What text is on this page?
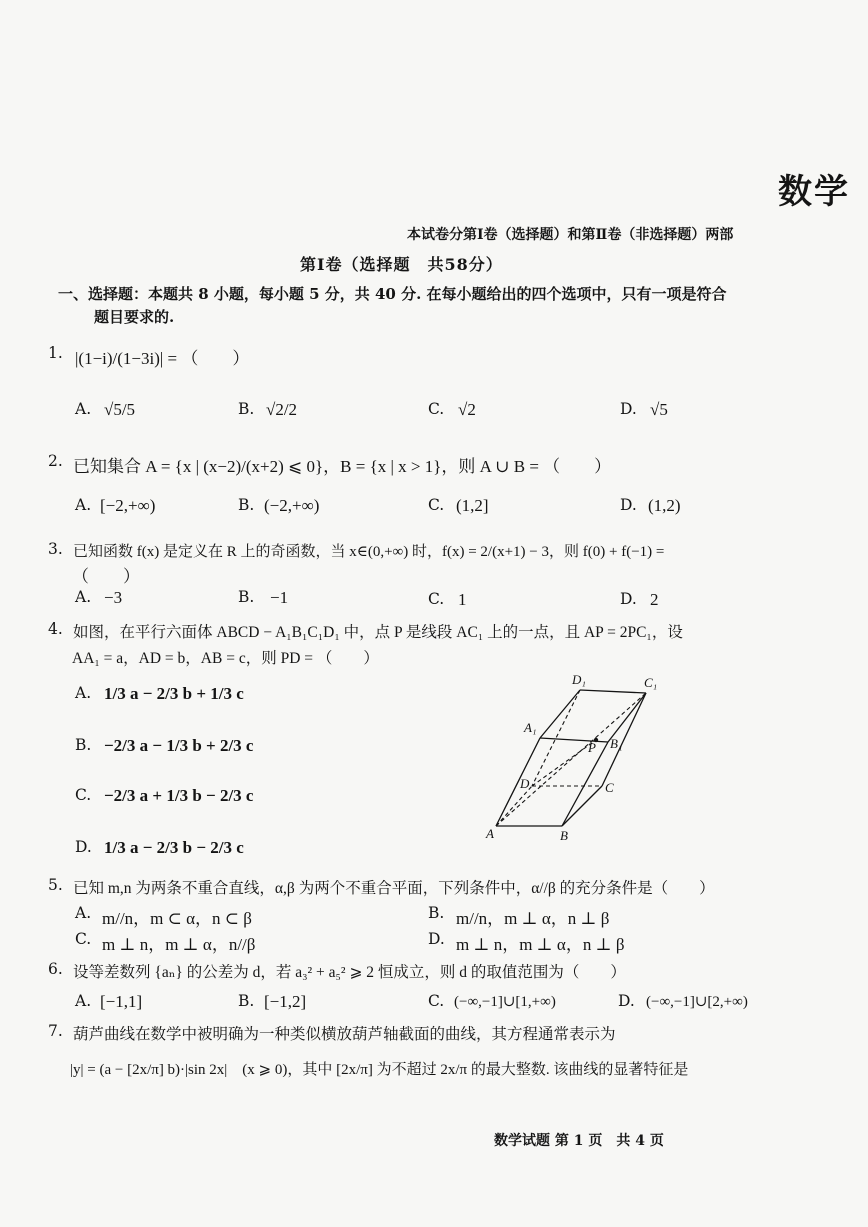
数学
本试卷分第Ⅰ卷（选择题）和第Ⅱ卷（非选择题）两部
第Ⅰ卷（选择题　共58分）
一、选择题：本题共 8 小题，每小题 5 分，共 40 分. 在每小题给出的四个选项中，只有一项是符合
题目要求的.
1. |(1−i)/(1−3i)| = （　　）
A. √5/5	B. √2/2	C. √2	D. √5
2. 已知集合 A = {x | (x−2)/(x+2) ⩽ 0}，B = {x | x > 1}，则 A ∪ B = （　　）
A. [−2,+∞)	B. (−2,+∞)	C. (1,2]	D. (1,2)
3. 已知函数 f(x) 是定义在 R 上的奇函数，当 x∈(0,+∞) 时，f(x) = 2/(x+1) − 3，则 f(0) + f(−1) =
（　　）
A. −3	B. −1	C. 1	D. 2
4. 如图，在平行六面体 ABCD − A₁B₁C₁D₁ 中，点 P 是线段 AC₁ 上的一点，且 AP = 2PC₁，设
AA₁ = a，AD = b，AB = c，则 PD = （　　）
A. 1/3 a − 2/3 b + 1/3 c
B. −2/3 a − 1/3 b + 2/3 c
C. −2/3 a + 1/3 b − 2/3 c
D. 1/3 a − 2/3 b − 2/3 c
D₁	C₁
A₁
B₁
P
D	C
A	B
5. 已知 m,n 为两条不重合直线，α,β 为两个不重合平面，下列条件中，α//β 的充分条件是（　　）
A. m//n，m ⊂ α，n ⊂ β	B. m//n，m ⊥ α，n ⊥ β
C. m ⊥ n，m ⊥ α，n//β	D. m ⊥ n，m ⊥ α，n ⊥ β
6. 设等差数列 {aₙ} 的公差为 d，若 a₃² + a₅² ⩾ 2 恒成立，则 d 的取值范围为（　　）
A. [−1,1]	B. [−1,2]	C. (−∞,−1]∪[1,+∞)	D. (−∞,−1]∪[2,+∞)
7. 葫芦曲线在数学中被明确为一种类似横放葫芦轴截面的曲线，其方程通常表示为
|y| = (a − [2x/π] b)·|sin 2x|　(x ⩾ 0)，其中 [2x/π] 为不超过 2x/π 的最大整数. 该曲线的显著特征是
数学试题 第 1 页　共 4 页
